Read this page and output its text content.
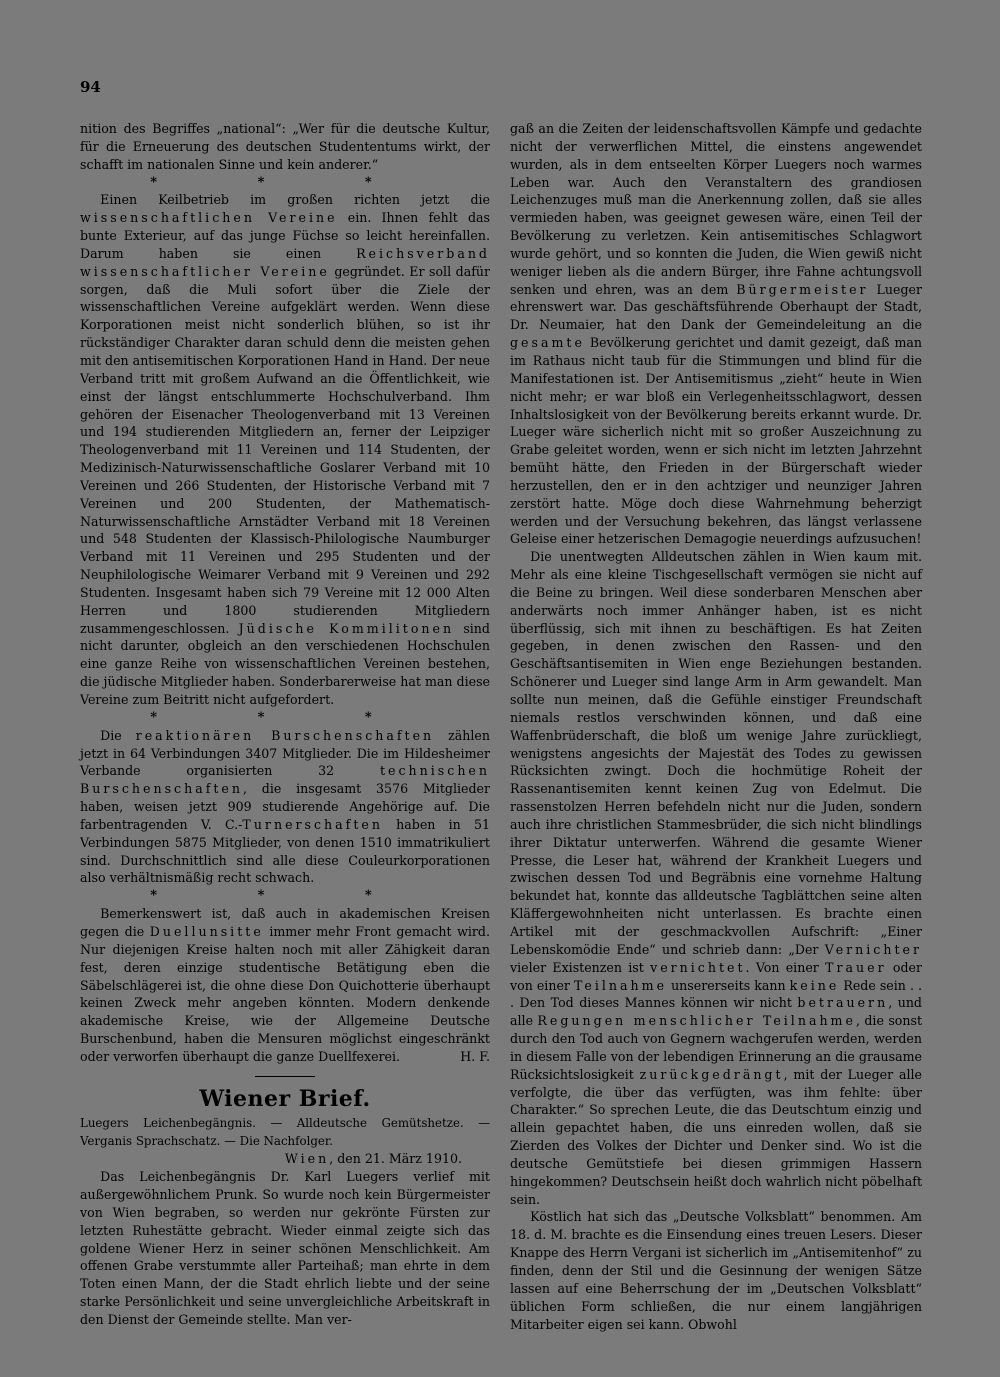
94

nition des Begriffes „national“: „Wer für die deutsche Kultur, für die Erneuerung des deutschen Studententums wirkt, der schafft im nationalen Sinne und kein anderer.“

* * *

Einen Keilbetrieb im großen richten jetzt die wissenschaftlichen Vereine ein. Ihnen fehlt das bunte Exterieur, auf das junge Füchse so leicht hereinfallen. Darum haben sie einen Reichsverband wissenschaftlicher Vereine gegründet. Er soll dafür sorgen, daß die Muli sofort über die Ziele der wissenschaftlichen Vereine aufgeklärt werden. Wenn diese Korporationen meist nicht sonderlich blühen, so ist ihr rückständiger Charakter daran schuld denn die meisten gehen mit den antisemitischen Korporationen Hand in Hand. Der neue Verband tritt mit großem Aufwand an die Öffentlichkeit, wie einst der längst entschlummerte Hochschulverband. Ihm gehören der Eisenacher Theologenverband mit 13 Vereinen und 194 studierenden Mitgliedern an, ferner der Leipziger Theologenverband mit 11 Vereinen und 114 Studenten, der Medizinisch-Naturwissenschaftliche Goslarer Verband mit 10 Vereinen und 266 Studenten, der Historische Verband mit 7 Vereinen und 200 Studenten, der Mathematisch-Naturwissenschaftliche Arnstädter Verband mit 18 Vereinen und 548 Studenten der Klassisch-Philologische Naumburger Verband mit 11 Vereinen und 295 Studenten und der Neuphilologische Weimarer Verband mit 9 Vereinen und 292 Studenten. Insgesamt haben sich 79 Vereine mit 12 000 Alten Herren und 1800 studierenden Mitgliedern zusammengeschlossen. Jüdische Kommilitonen sind nicht darunter, obgleich an den verschiedenen Hochschulen eine ganze Reihe von wissenschaftlichen Vereinen bestehen, die jüdische Mitglieder haben. Sonderbarerweise hat man diese Vereine zum Beitritt nicht aufgefordert.

* * *

Die reaktionären Burschenschaften zählen jetzt in 64 Verbindungen 3407 Mitglieder. Die im Hildesheimer Verbande organisierten 32 technischen Burschenschaften, die insgesamt 3576 Mitglieder haben, weisen jetzt 909 studierende Angehörige auf. Die farbentragenden V. C.-Turnerschaften haben in 51 Verbindungen 5875 Mitglieder, von denen 1510 immatrikuliert sind. Durchschnittlich sind alle diese Couleurkorporationen also verhältnismäßig recht schwach.

* * *

Bemerkenswert ist, daß auch in akademischen Kreisen gegen die Duellunsitte immer mehr Front gemacht wird. Nur diejenigen Kreise halten noch mit aller Zähigkeit daran fest, deren einzige studentische Betätigung eben die Säbelschlägerei ist, die ohne diese Don Quichotterie überhaupt keinen Zweck mehr angeben könnten. Modern denkende akademische Kreise, wie der Allgemeine Deutsche Burschenbund, haben die Mensuren möglichst eingeschränkt oder verworfen überhaupt die ganze Duellfexerei.	H. F.

Wiener Brief.
Luegers Leichenbegängnis. — Alldeutsche Gemütshetze. — Verganis Sprachschatz. — Die Nachfolger.
Wien, den 21. März 1910.

Das Leichenbegängnis Dr. Karl Luegers verlief mit außergewöhnlichem Prunk. So wurde noch kein Bürgermeister von Wien begraben, so werden nur gekrönte Fürsten zur letzten Ruhestätte gebracht. Wieder einmal zeigte sich das goldene Wiener Herz in seiner schönen Menschlichkeit. Am offenen Grabe verstummte aller Parteihaß; man ehrte in dem Toten einen Mann, der die Stadt ehrlich liebte und der seine starke Persönlichkeit und seine unvergleichliche Arbeitskraft in den Dienst der Gemeinde stellte. Man ver-

gaß an die Zeiten der leidenschaftsvollen Kämpfe und gedachte nicht der verwerflichen Mittel, die einstens angewendet wurden, als in dem entseelten Körper Luegers noch warmes Leben war. Auch den Veranstaltern des grandiosen Leichenzuges muß man die Anerkennung zollen, daß sie alles vermieden haben, was geeignet gewesen wäre, einen Teil der Bevölkerung zu verletzen. Kein antisemitisches Schlagwort wurde gehört, und so konnten die Juden, die Wien gewiß nicht weniger lieben als die andern Bürger, ihre Fahne achtungsvoll senken und ehren, was an dem Bürgermeister Lueger ehrenswert war. Das geschäftsführende Oberhaupt der Stadt, Dr. Neumaier, hat den Dank der Gemeindeleitung an die gesamte Bevölkerung gerichtet und damit gezeigt, daß man im Rathaus nicht taub für die Stimmungen und blind für die Manifestationen ist. Der Antisemitismus „zieht“ heute in Wien nicht mehr; er war bloß ein Verlegenheitsschlagwort, dessen Inhaltslosigkeit von der Bevölkerung bereits erkannt wurde. Dr. Lueger wäre sicherlich nicht mit so großer Auszeichnung zu Grabe geleitet worden, wenn er sich nicht im letzten Jahrzehnt bemüht hätte, den Frieden in der Bürgerschaft wieder herzustellen, den er in den achtziger und neunziger Jahren zerstört hatte. Möge doch diese Wahrnehmung beherzigt werden und der Versuchung bekehren, das längst verlassene Geleise einer hetzerischen Demagogie neuerdings aufzusuchen!

Die unentwegten Alldeutschen zählen in Wien kaum mit. Mehr als eine kleine Tischgesellschaft vermögen sie nicht auf die Beine zu bringen. Weil diese sonderbaren Menschen aber anderwärts noch immer Anhänger haben, ist es nicht überflüssig, sich mit ihnen zu beschäftigen. Es hat Zeiten gegeben, in denen zwischen den Rassen- und den Geschäftsantisemiten in Wien enge Beziehungen bestanden. Schönerer und Lueger sind lange Arm in Arm gewandelt. Man sollte nun meinen, daß die Gefühle einstiger Freundschaft niemals restlos verschwinden können, und daß eine Waffenbrüderschaft, die bloß um wenige Jahre zurückliegt, wenigstens angesichts der Majestät des Todes zu gewissen Rücksichten zwingt. Doch die hochmütige Roheit der Rassenantisemiten kennt keinen Zug von Edelmut. Die rassenstolzen Herren befehdeln nicht nur die Juden, sondern auch ihre christlichen Stammesbrüder, die sich nicht blindlings ihrer Diktatur unterwerfen. Während die gesamte Wiener Presse, die Leser hat, während der Krankheit Luegers und zwischen dessen Tod und Begräbnis eine vornehme Haltung bekundet hat, konnte das alldeutsche Tagblättchen seine alten Kläffergewohnheiten nicht unterlassen. Es brachte einen Artikel mit der geschmackvollen Aufschrift: „Einer Lebenskomödie Ende“ und schrieb dann: „Der Vernichter vieler Existenzen ist vernichtet. Von einer Trauer oder von einer Teilnahme unsererseits kann keine Rede sein . . . Den Tod dieses Mannes können wir nicht betrauern, und alle Regungen menschlicher Teilnahme, die sonst durch den Tod auch von Gegnern wachgerufen werden, werden in diesem Falle von der lebendigen Erinnerung an die grausame Rücksichtslosigkeit zurückgedrängt, mit der Lueger alle verfolgte, die über das verfügten, was ihm fehlte: über Charakter.“ So sprechen Leute, die das Deutschtum einzig und allein gepachtet haben, die uns einreden wollen, daß sie Zierden des Volkes der Dichter und Denker sind. Wo ist die deutsche Gemütstiefe bei diesen grimmigen Hassern hingekommen? Deutschsein heißt doch wahrlich nicht pöbelhaft sein.

Köstlich hat sich das „Deutsche Volksblatt“ benommen. Am 18. d. M. brachte es die Einsendung eines treuen Lesers. Dieser Knappe des Herrn Vergani ist sicherlich im „Antisemitenhof“ zu finden, denn der Stil und die Gesinnung der wenigen Sätze lassen auf eine Beherrschung der im „Deutschen Volksblatt“ üblichen Form schließen, die nur einem langjährigen Mitarbeiter eigen sei kann. Obwohl
